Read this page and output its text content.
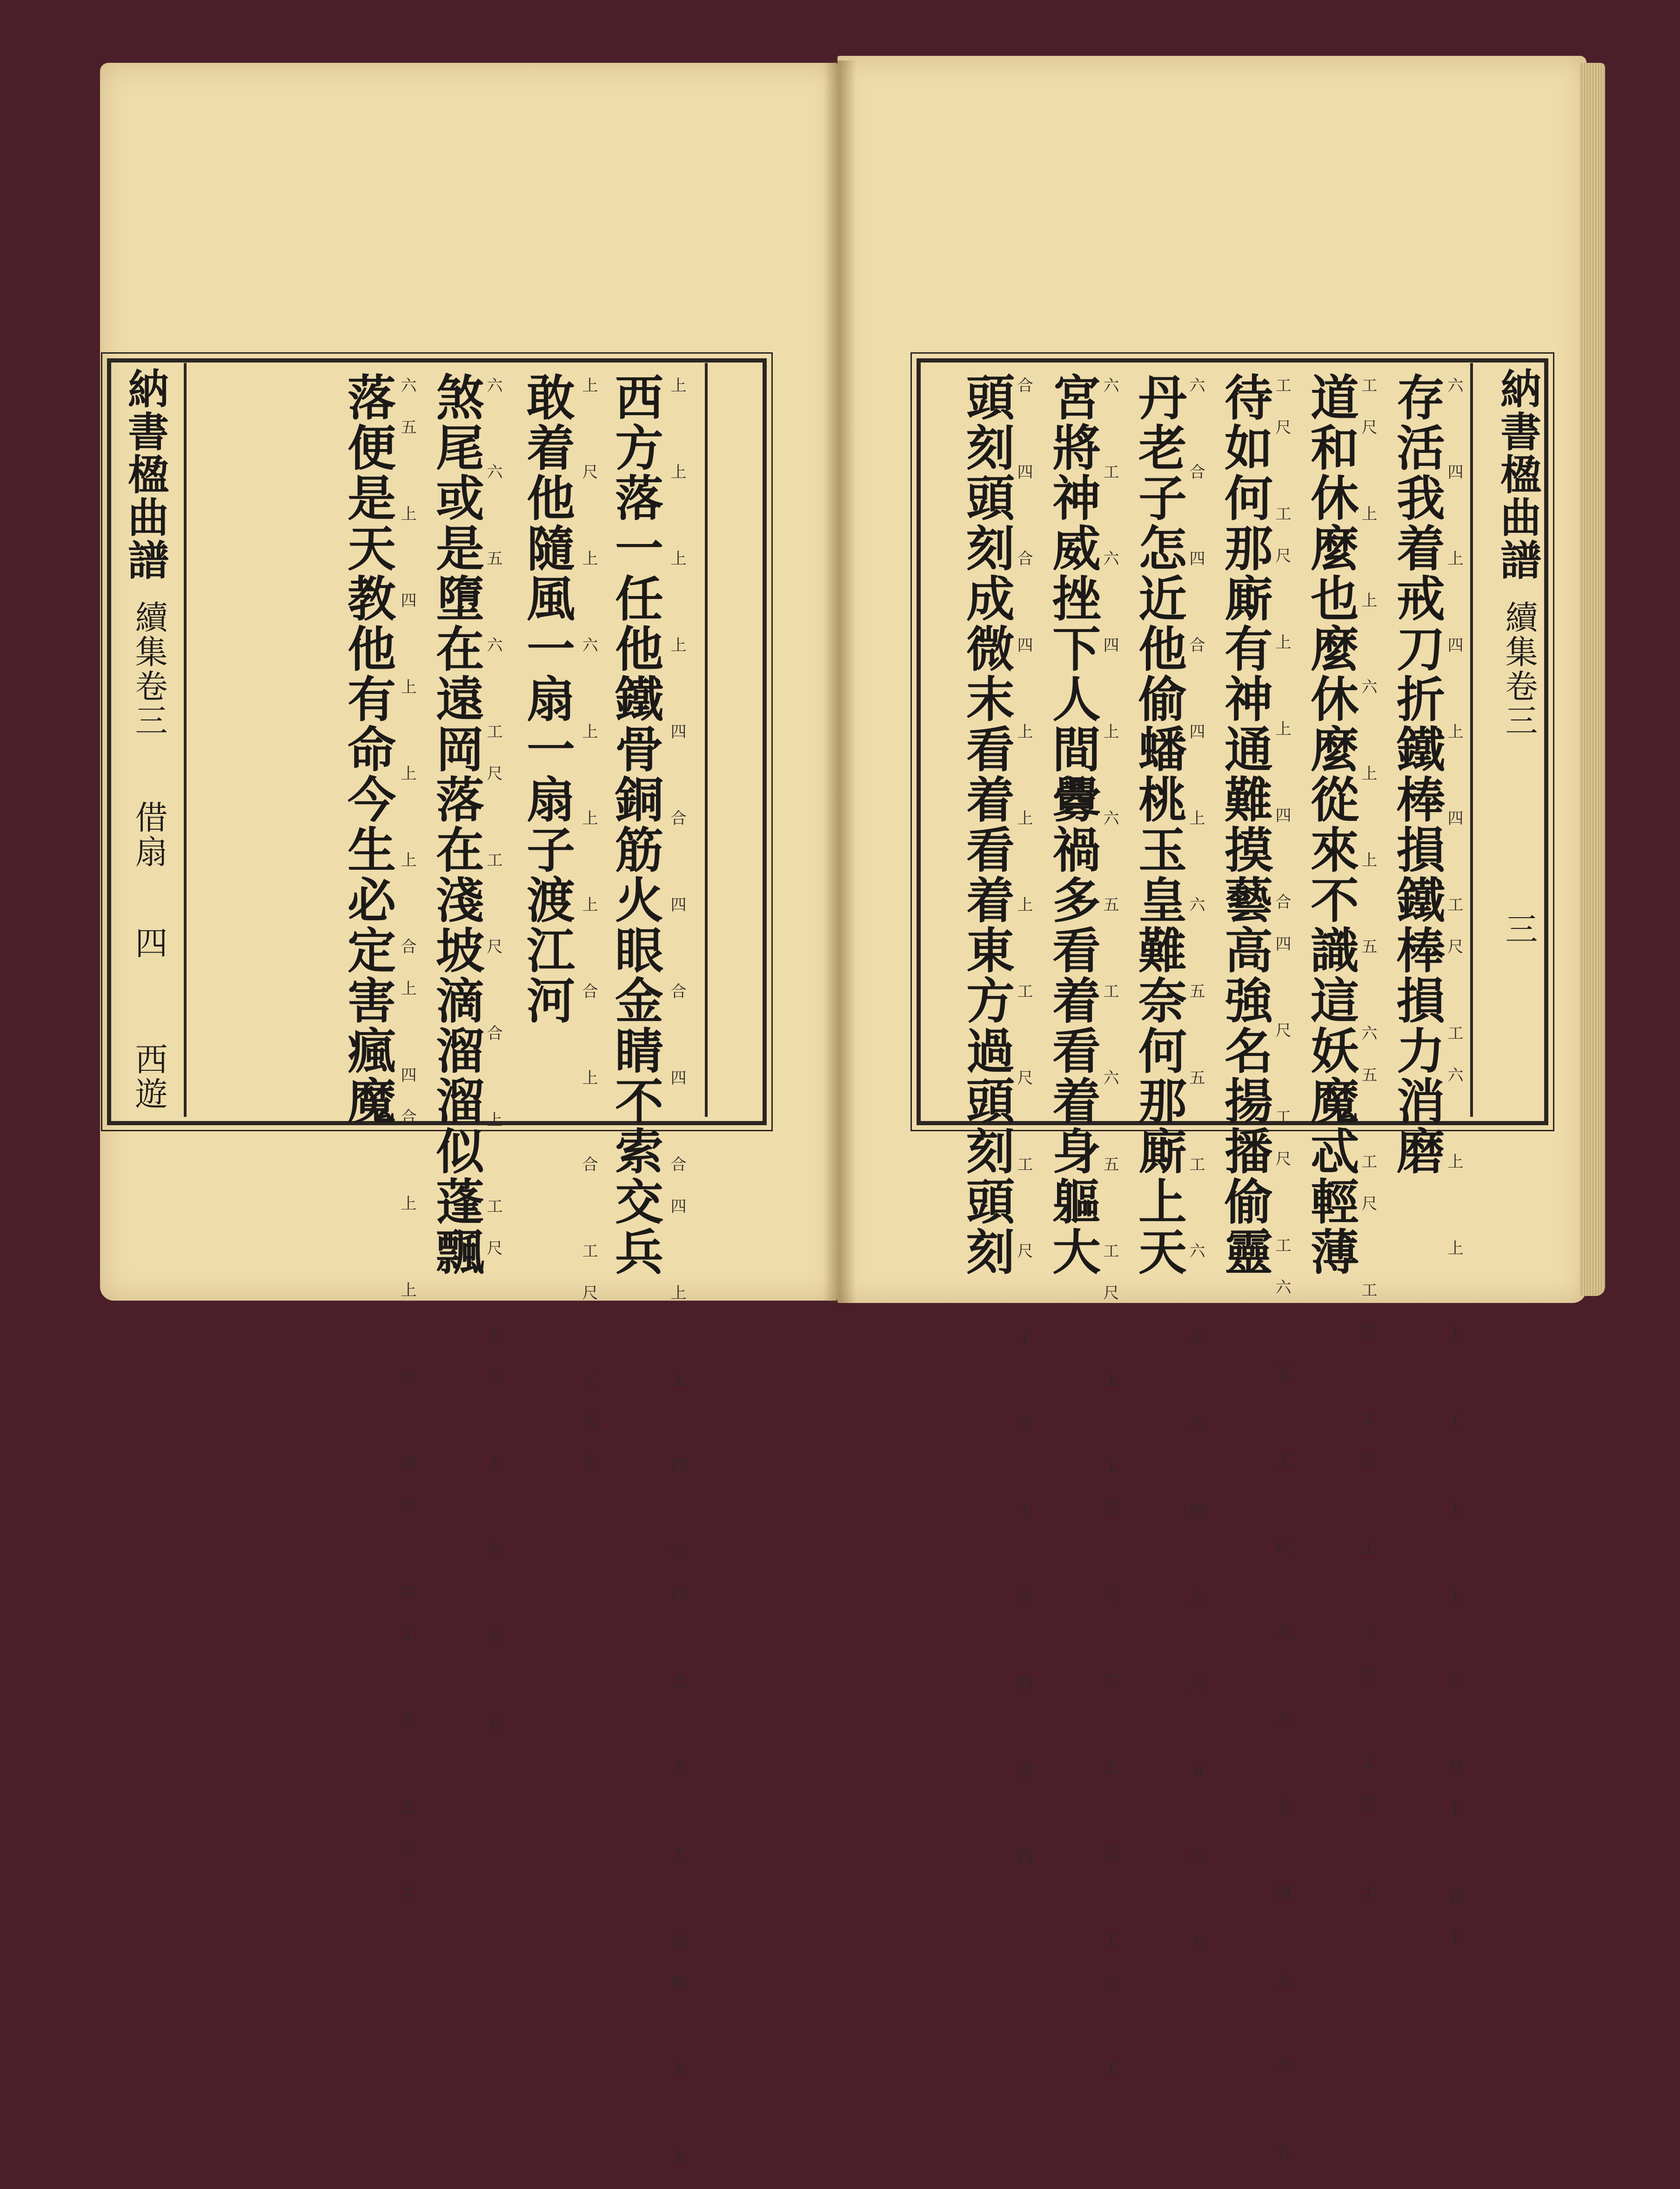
納書楹曲譜
續集卷三
借扇
四
西遊	上 上 上 上 四 合 四 合 四 合四 上 上 四 合四 上 上 工 合四 上 上
西方落一任他鐵骨銅筋火眼金睛不索交兵
上 尺 上 六 上 上 上 合 上 合 工尺 工尺上
敢着他隨風一扇一扇子渡江河
六 六 五 六 工尺 工 尺 合 上 工尺 工六 上 六 五 五
煞尾或是墮在遠岡落在淺坡滴溜溜似蓬飄
六五 上 四 上 上 上 合上 四合 上 上 合 四合 合上 上 工尺上
落便是天教他有命今生必定害瘋魔	納書楹曲譜
續集卷三
三
六 四 上 四 上 四 工尺 工六 上 上 上 工 上 上 工 尺上 合上
存活我着戒刀折鐵棒損鐵棒損力消磨
工尺 上 上 六 上 上 五 六五 工尺 工尺 工尺 上 工尺 工尺 上
道和休麼也麼休麼從來不識這妖魔忒輕薄
工尺 工尺 上 上 四 合四 尺 工尺 工六 五 工 尺 六 六 上 四 上 六 五
待如何那廝有神通難摸藝高強名揚播偷靈
六 合 四 合 四 上 六 五 五 工 六 工 六 四 上 六 五 六 五
丹老子怎近他偷蟠桃玉皇難奈何那廝上天
六 工 六 四 上 六 五 工 六 五 工尺 上 工尺 尺 工 工 尺 工尺 工
宮將神威挫下人間釁禍多看着看着身軀大
合 四 合 四 上 上 上 工 尺 工 尺 工 尺 工 合 四 合 四
頭刻頭刻成微末看着看着東方過頭刻頭刻
